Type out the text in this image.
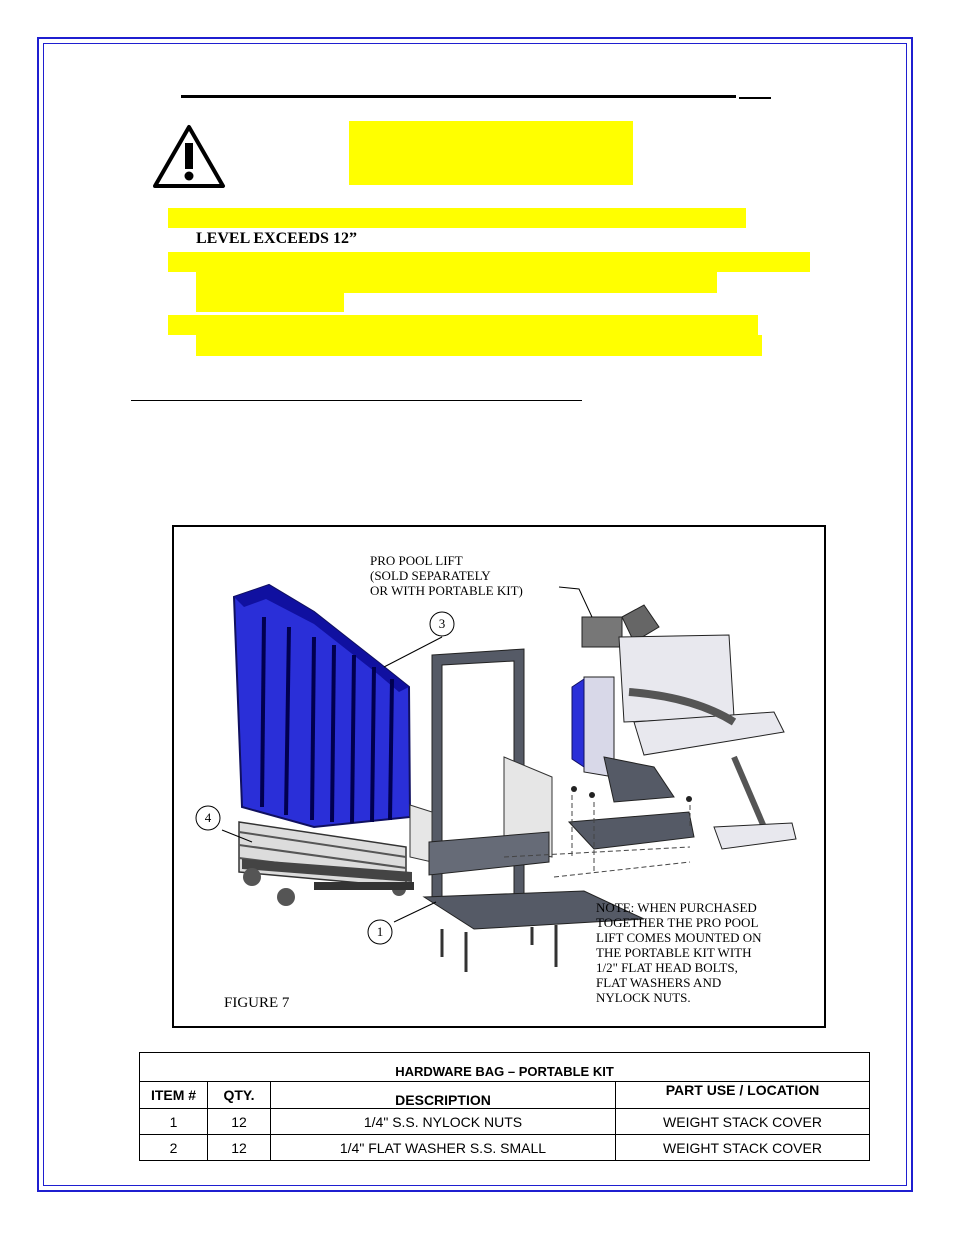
LEVEL EXCEEDS 12”
3
4
1
PRO POOL LIFT
(SOLD SEPARATELY
OR WITH PORTABLE KIT)
NOTE: WHEN PURCHASED
TOGETHER THE PRO POOL
LIFT COMES MOUNTED ON
THE PORTABLE KIT WITH
1/2" FLAT HEAD BOLTS,
FLAT WASHERS AND
NYLOCK NUTS.
FIGURE 7
HARDWARE BAG – PORTABLE KIT			
ITEM #	QTY.	DESCRIPTION	PART USE / LOCATION
1	12	1/4" S.S. NYLOCK NUTS	WEIGHT STACK COVER
2	12	1/4" FLAT WASHER S.S. SMALL	WEIGHT STACK COVER
